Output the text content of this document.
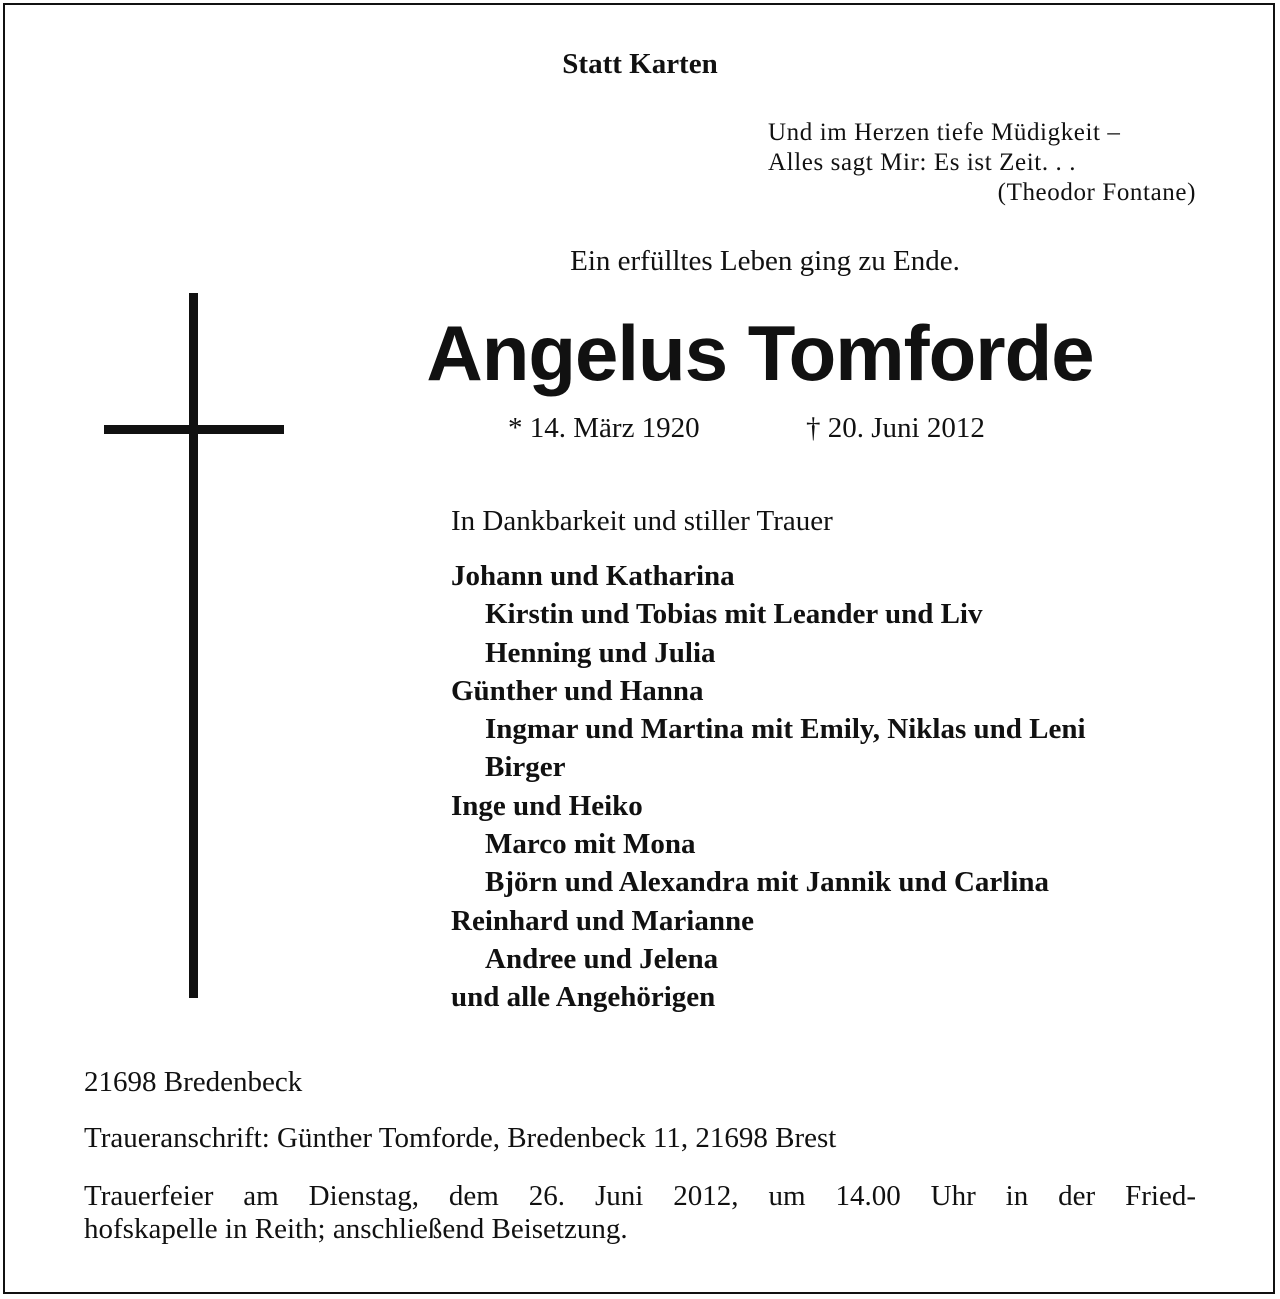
Statt Karten
Und im Herzen tiefe Müdigkeit –
Alles sagt Mir: Es ist Zeit. . .
(Theodor Fontane)
Ein erfülltes Leben ging zu Ende.
Angelus Tomforde
* 14. März 1920	† 20. Juni 2012
In Dankbarkeit und stiller Trauer
Johann und Katharina
Kirstin und Tobias mit Leander und Liv
Henning und Julia
Günther und Hanna
Ingmar und Martina mit Emily, Niklas und Leni
Birger
Inge und Heiko
Marco mit Mona
Björn und Alexandra mit Jannik und Carlina
Reinhard und Marianne
Andree und Jelena
und alle Angehörigen
21698 Bredenbeck
Traueranschrift: Günther Tomforde, Bredenbeck 11, 21698 Brest
Trauerfeier am Dienstag, dem 26. Juni 2012, um 14.00 Uhr in der Fried-
hofskapelle in Reith; anschließend Beisetzung.
